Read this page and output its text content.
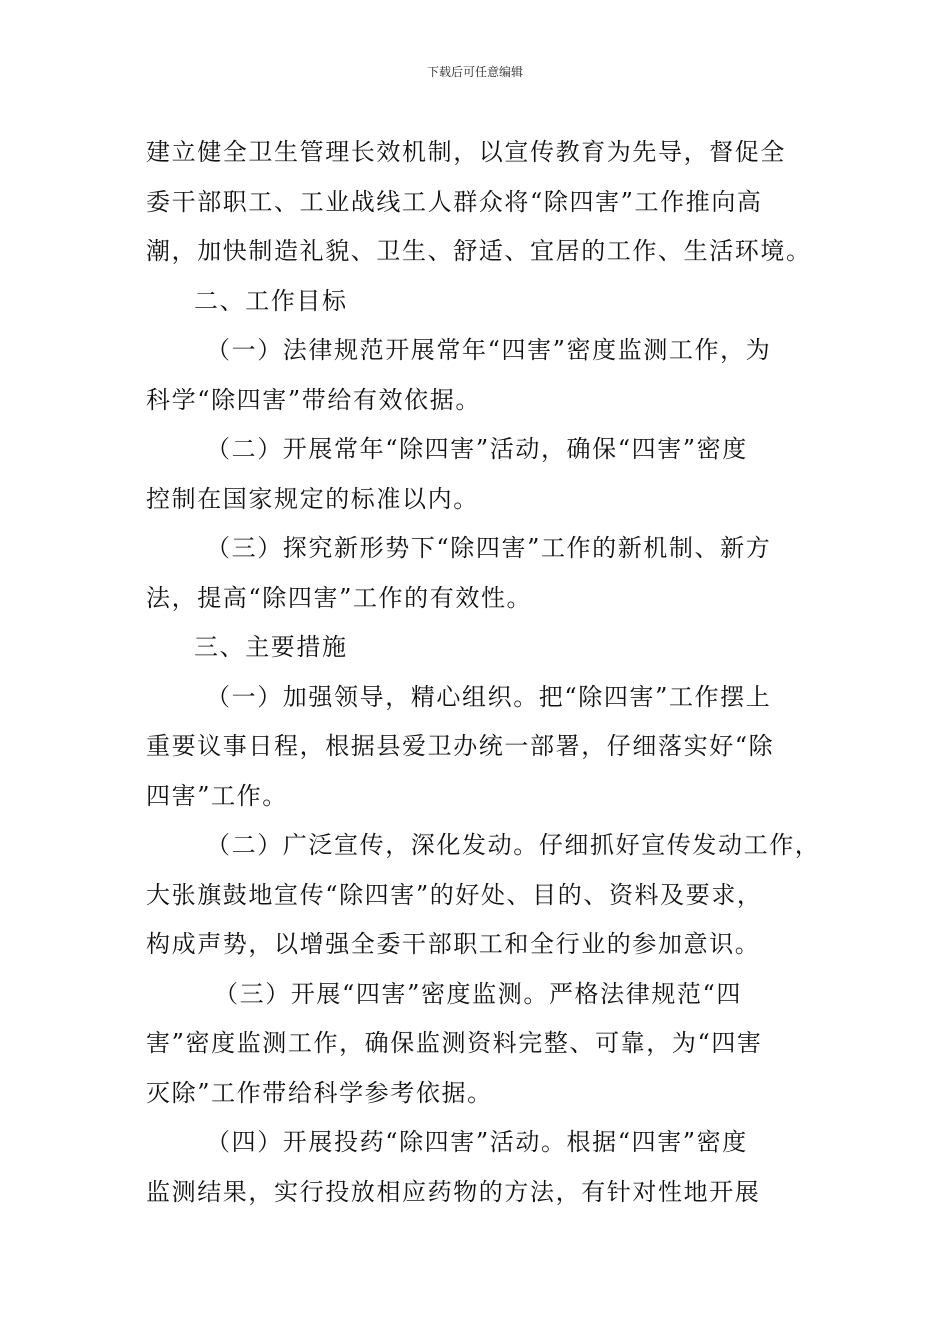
下载后可任意编辑
建立健全卫生管理长效机制，以宣传教育为先导，督促全
委干部职工、工业战线工人群众将“除四害”工作推向高
潮，加快制造礼貌、卫生、舒适、宜居的工作、生活环境。
二、工作目标
（一）法律规范开展常年“四害”密度监测工作，为
科学“除四害”带给有效依据。
（二）开展常年“除四害”活动，确保“四害”密度
控制在国家规定的标准以内。
（三）探究新形势下“除四害”工作的新机制、新方
法，提高“除四害”工作的有效性。
三、主要措施
（一）加强领导，精心组织。把“除四害”工作摆上
重要议事日程，根据县爱卫办统一部署，仔细落实好“除
四害”工作。
（二）广泛宣传，深化发动。仔细抓好宣传发动工作，
大张旗鼓地宣传“除四害”的好处、目的、资料及要求，
构成声势，以增强全委干部职工和全行业的参加意识。
（三）开展“四害”密度监测。严格法律规范“四
害”密度监测工作，确保监测资料完整、可靠，为“四害
灭除”工作带给科学参考依据。
（四）开展投药“除四害”活动。根据“四害”密度
监测结果，实行投放相应药物的方法，有针对性地开展
